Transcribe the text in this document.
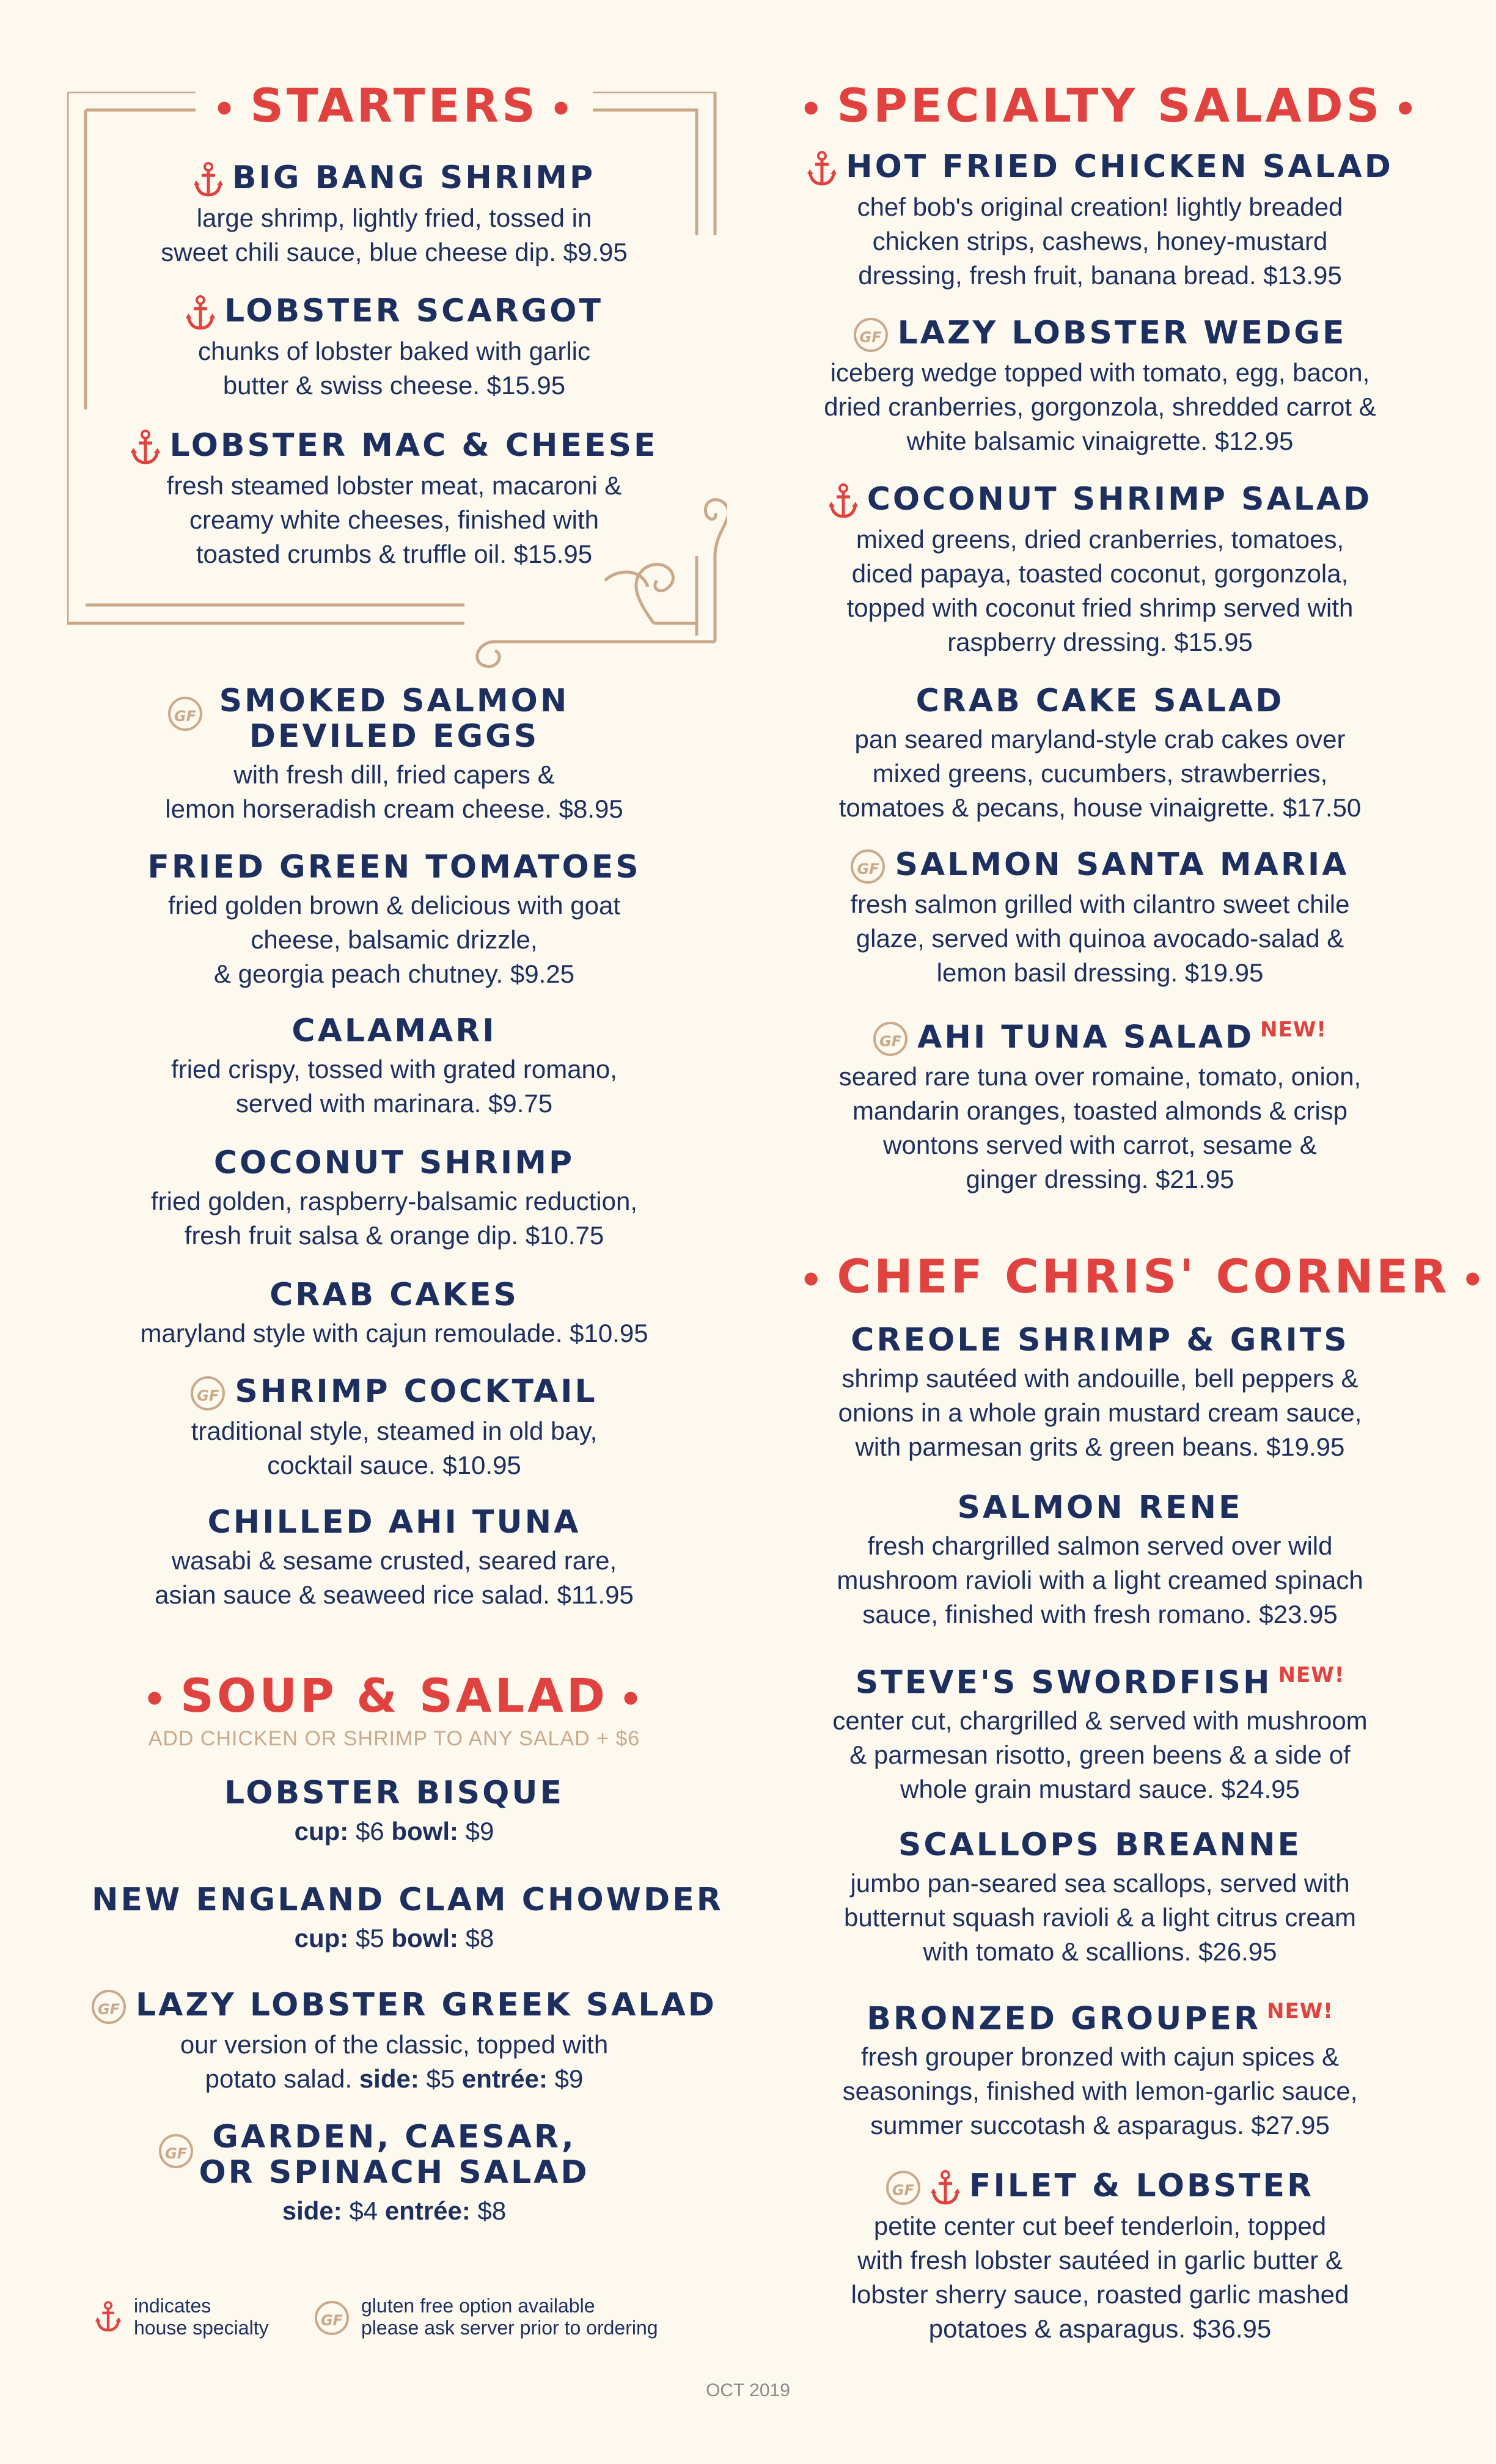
• STARTERS •
BIG BANG SHRIMP
large shrimp, lightly fried, tossed in
sweet chili sauce, blue cheese dip. $9.95
LOBSTER SCARGOT
chunks of lobster baked with garlic
butter & swiss cheese. $15.95
LOBSTER MAC & CHEESE
fresh steamed lobster meat, macaroni &
creamy white cheeses, finished with
toasted crumbs & truffle oil. $15.95
GF SMOKED SALMON
DEVILED EGGS
with fresh dill, fried capers &
lemon horseradish cream cheese. $8.95
FRIED GREEN TOMATOES
fried golden brown & delicious with goat
cheese, balsamic drizzle,
& georgia peach chutney. $9.25
CALAMARI
fried crispy, tossed with grated romano,
served with marinara. $9.75
COCONUT SHRIMP
fried golden, raspberry-balsamic reduction,
fresh fruit salsa & orange dip. $10.75
CRAB CAKES
maryland style with cajun remoulade. $10.95
GF SHRIMP COCKTAIL
traditional style, steamed in old bay,
cocktail sauce. $10.95
CHILLED AHI TUNA
wasabi & sesame crusted, seared rare,
asian sauce & seaweed rice salad. $11.95
• SOUP & SALAD •
ADD CHICKEN OR SHRIMP TO ANY SALAD + $6
LOBSTER BISQUE
cup: $6 bowl: $9
NEW ENGLAND CLAM CHOWDER
cup: $5 bowl: $8
GF LAZY LOBSTER GREEK SALAD
our version of the classic, topped with
potato salad. side: $5 entrée: $9
GF GARDEN, CAESAR,
OR SPINACH SALAD
side: $4 entrée: $8
indicates
house specialty	GF
gluten free option available
please ask server prior to ordering
• SPECIALTY SALADS •
HOT FRIED CHICKEN SALAD
chef bob's original creation! lightly breaded
chicken strips, cashews, honey-mustard
dressing, fresh fruit, banana bread. $13.95
GF LAZY LOBSTER WEDGE
iceberg wedge topped with tomato, egg, bacon,
dried cranberries, gorgonzola, shredded carrot &
white balsamic vinaigrette. $12.95
COCONUT SHRIMP SALAD
mixed greens, dried cranberries, tomatoes,
diced papaya, toasted coconut, gorgonzola,
topped with coconut fried shrimp served with
raspberry dressing. $15.95
CRAB CAKE SALAD
pan seared maryland-style crab cakes over
mixed greens, cucumbers, strawberries,
tomatoes & pecans, house vinaigrette. $17.50
GF SALMON SANTA MARIA
fresh salmon grilled with cilantro sweet chile
glaze, served with quinoa avocado-salad &
lemon basil dressing. $19.95
GF AHI TUNA SALAD $^{NEW!}$
seared rare tuna over romaine, tomato, onion,
mandarin oranges, toasted almonds & crisp
wontons served with carrot, sesame &
ginger dressing. $21.95
• CHEF CHRIS' CORNER •
CREOLE SHRIMP & GRITS
shrimp sautéed with andouille, bell peppers &
onions in a whole grain mustard cream sauce,
with parmesan grits & green beans. $19.95
SALMON RENE
fresh chargrilled salmon served over wild
mushroom ravioli with a light creamed spinach
sauce, finished with fresh romano. $23.95
STEVE'S SWORDFISH $^{NEW!}$
center cut, chargrilled & served with mushroom
& parmesan risotto, green beens & a side of
whole grain mustard sauce. $24.95
SCALLOPS BREANNE
jumbo pan-seared sea scallops, served with
butternut squash ravioli & a light citrus cream
with tomato & scallions. $26.95
BRONZED GROUPER $^{NEW!}$
fresh grouper bronzed with cajun spices &
seasonings, finished with lemon-garlic sauce,
summer succotash & asparagus. $27.95
GF FILET & LOBSTER
petite center cut beef tenderloin, topped
with fresh lobster sautéed in garlic butter &
lobster sherry sauce, roasted garlic mashed
potatoes & asparagus. $36.95
OCT 2019
